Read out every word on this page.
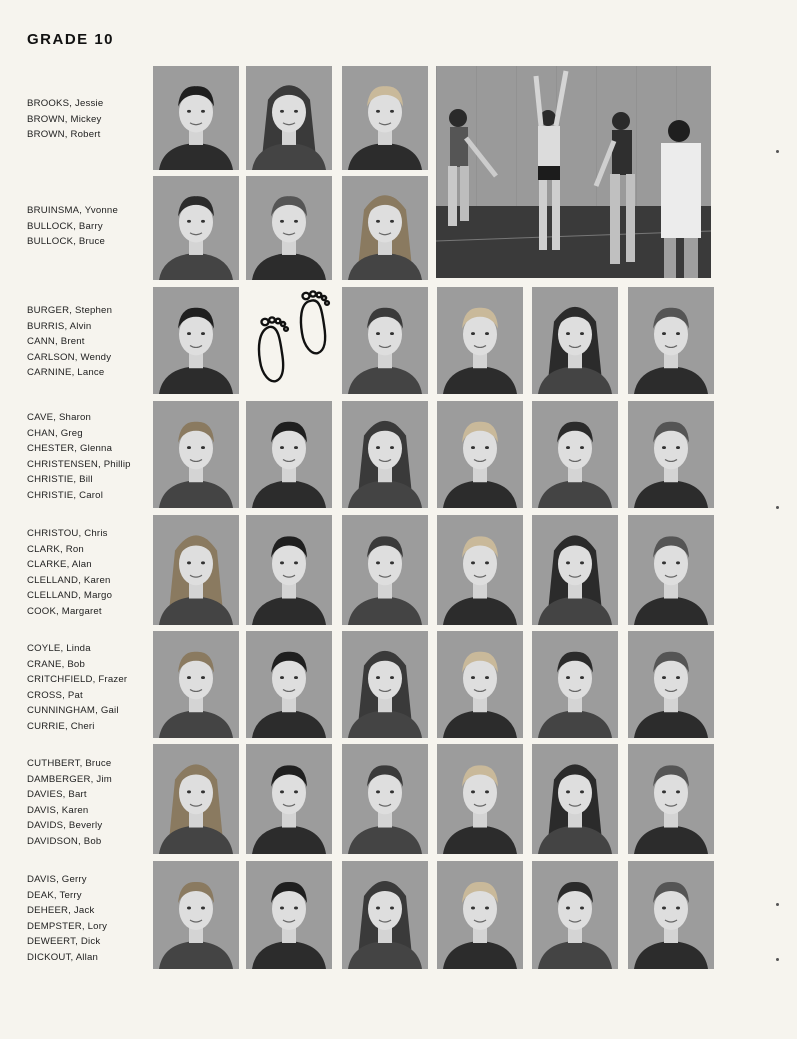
GRADE 10
BROOKS, Jessie
BROWN, Mickey
BROWN, Robert
BRUINSMA, Yvonne
BULLOCK, Barry
BULLOCK, Bruce
BURGER, Stephen
BURRIS, Alvin
CANN, Brent
CARLSON, Wendy
CARNINE, Lance
CAVE, Sharon
CHAN, Greg
CHESTER, Glenna
CHRISTENSEN, Phillip
CHRISTIE, Bill
CHRISTIE, Carol
CHRISTOU, Chris
CLARK, Ron
CLARKE, Alan
CLELLAND, Karen
CLELLAND, Margo
COOK, Margaret
COYLE, Linda
CRANE, Bob
CRITCHFIELD, Frazer
CROSS, Pat
CUNNINGHAM, Gail
CURRIE, Cheri
CUTHBERT, Bruce
DAMBERGER, Jim
DAVIES, Bart
DAVIS, Karen
DAVIDS, Beverly
DAVIDSON, Bob
DAVIS, Gerry
DEAK, Terry
DEHEER, Jack
DEMPSTER, Lory
DEWEERT, Dick
DICKOUT, Allan
